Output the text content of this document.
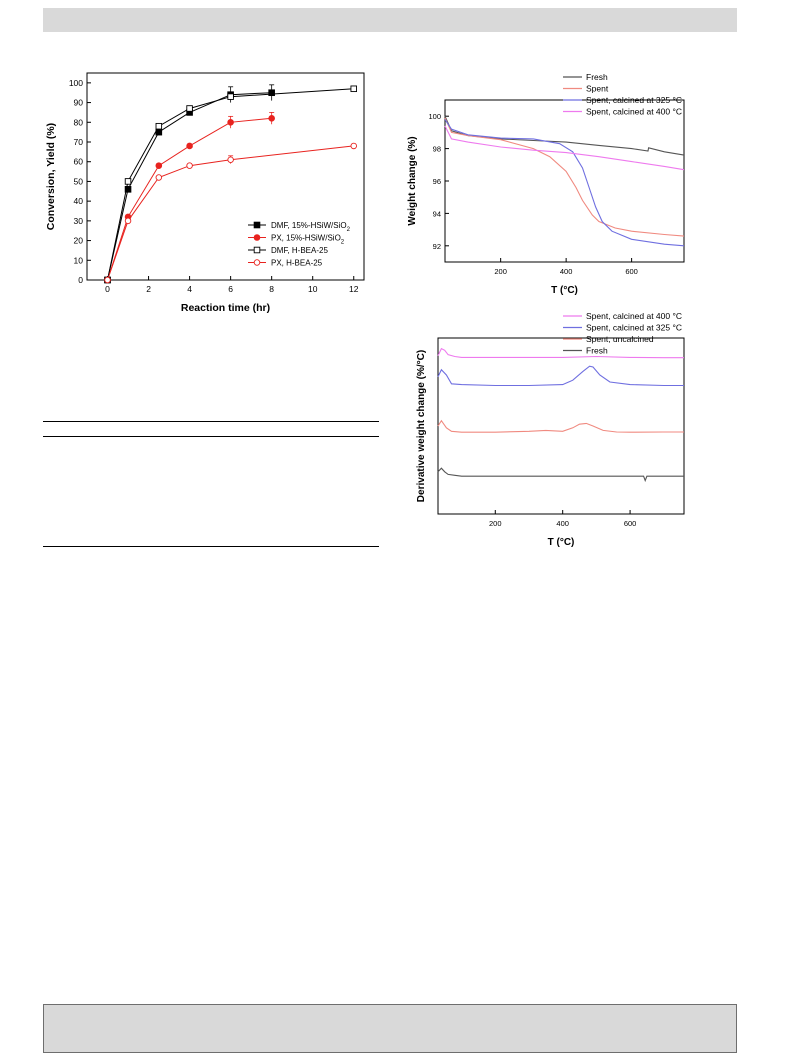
0	2	4	6	8	10	12
0
10
20
30
40
50
60
70
80
90
100
Reaction time (hr)
Conversion, Yield (%)	DMF, 15%-HSiW/SiO$_2$
PX, 15%-HSiW/SiO$_2$
DMF, H-BEA-25
PX, H-BEA-25
200	400	600
92
94
96
98
100
T (°C)
Weight change (%)
Fresh
Spent
Spent, calcined at 325 °C
Spent, calcined at 400 °C
200	400	600
T (°C)
Derivative weight change (%/°C)
Spent, calcined at 400 °C
Spent, calcined at 325 °C
Spent, uncalcined
Fresh
